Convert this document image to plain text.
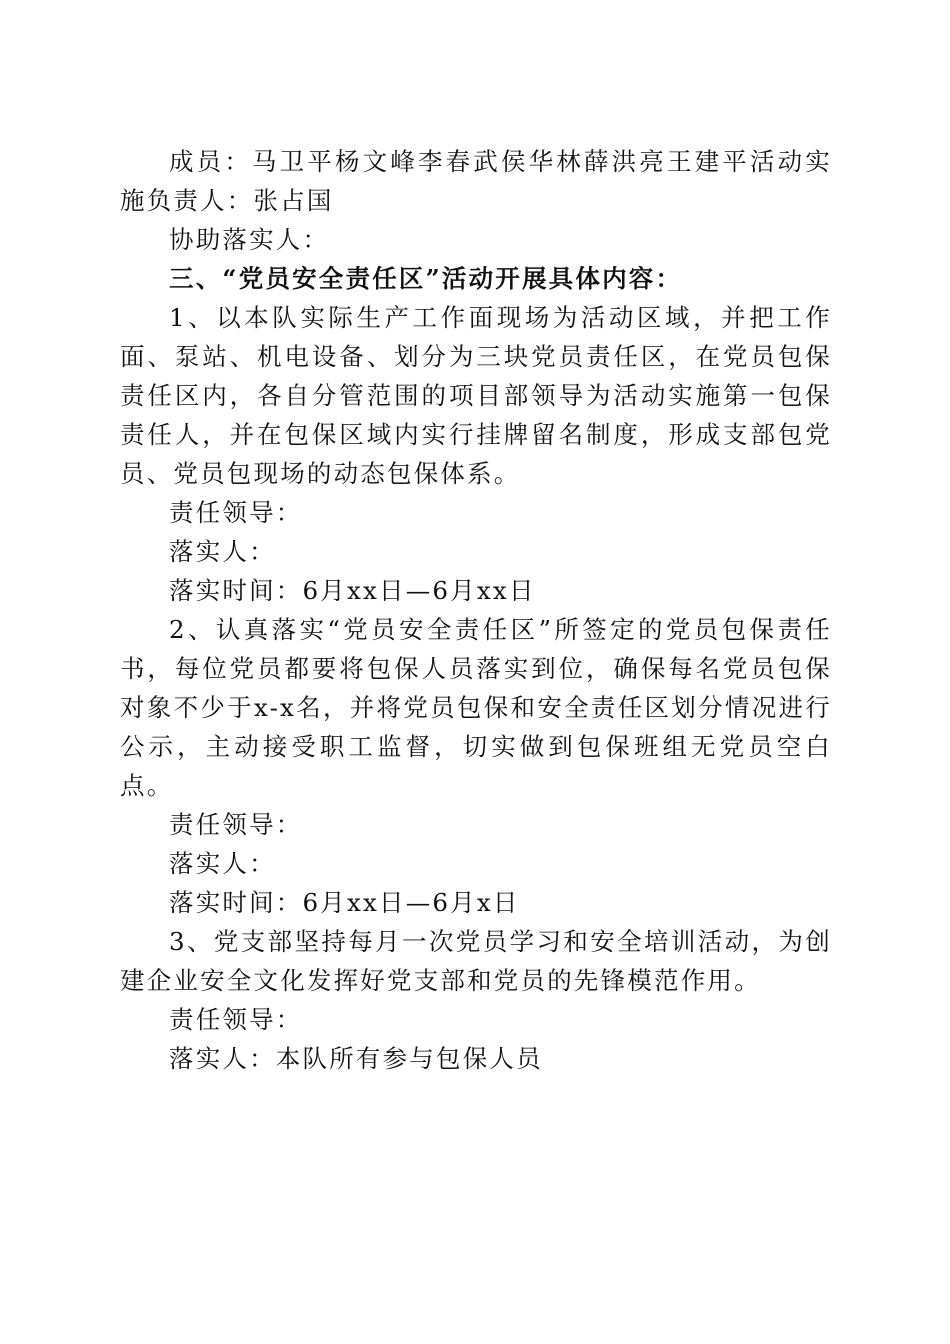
成员：马卫平杨文峰李春武侯华林薛洪亮王建平活动实施负责人：张占国

协助落实人：

三、“党员安全责任区”活动开展具体内容：

1、以本队实际生产工作面现场为活动区域，并把工作面、泵站、机电设备、划分为三块党员责任区，在党员包保责任区内，各自分管范围的项目部领导为活动实施第一包保责任人，并在包保区域内实行挂牌留名制度，形成支部包党员、党员包现场的动态包保体系。

责任领导：

落实人：

落实时间：6月xx日—6月xx日

2、认真落实“党员安全责任区”所签定的党员包保责任书，每位党员都要将包保人员落实到位，确保每名党员包保对象不少于x-x名，并将党员包保和安全责任区划分情况进行公示，主动接受职工监督，切实做到包保班组无党员空白点。

责任领导：

落实人：

落实时间：6月xx日—6月x日

3、党支部坚持每月一次党员学习和安全培训活动，为创建企业安全文化发挥好党支部和党员的先锋模范作用。

责任领导：

落实人：本队所有参与包保人员
